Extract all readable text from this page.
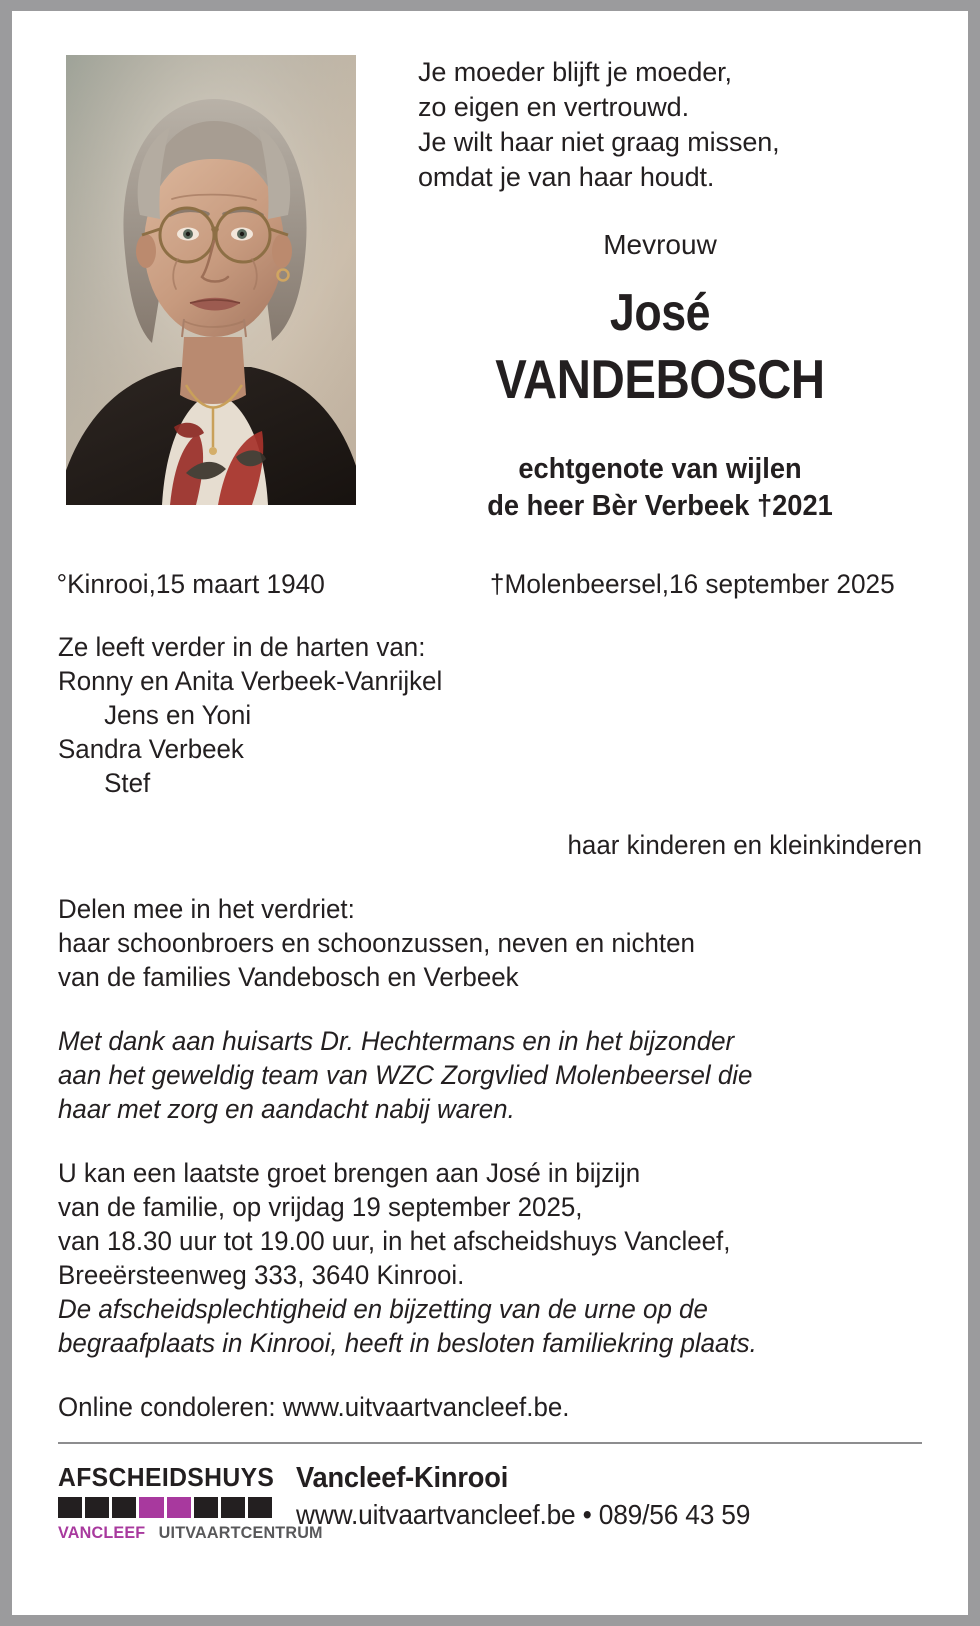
Je moeder blijft je moeder,
zo eigen en vertrouwd.
Je wilt haar niet graag missen,
omdat je van haar houdt.
Mevrouw
José
VANDEBOSCH
echtgenote van wijlen
de heer Bèr Verbeek †2021
°Kinrooi,15 maart 1940	†Molenbeersel,16 september 2025
Ze leeft verder in de harten van:
Ronny en Anita Verbeek-Vanrijkel
Jens en Yoni
Sandra Verbeek
Stef
haar kinderen en kleinkinderen
Delen mee in het verdriet:
haar schoonbroers en schoonzussen, neven en nichten
van de families Vandebosch en Verbeek
Met dank aan huisarts Dr. Hechtermans en in het bijzonder
aan het geweldig team van WZC Zorgvlied Molenbeersel die
haar met zorg en aandacht nabij waren.
U kan een laatste groet brengen aan José in bijzijn
van de familie, op vrijdag 19 september 2025,
van 18.30 uur tot 19.00 uur, in het afscheidshuys Vancleef,
Breeërsteenweg 333, 3640 Kinrooi.
De afscheidsplechtigheid en bijzetting van de urne op de
begraafplaats in Kinrooi, heeft in besloten familiekring plaats.
Online condoleren: www.uitvaartvancleef.be.
AFSCHEIDSHUYS
VANCLEEF UITVAARTCENTRUM
Vancleef-Kinrooi
www.uitvaartvancleef.be • 089/56 43 59
